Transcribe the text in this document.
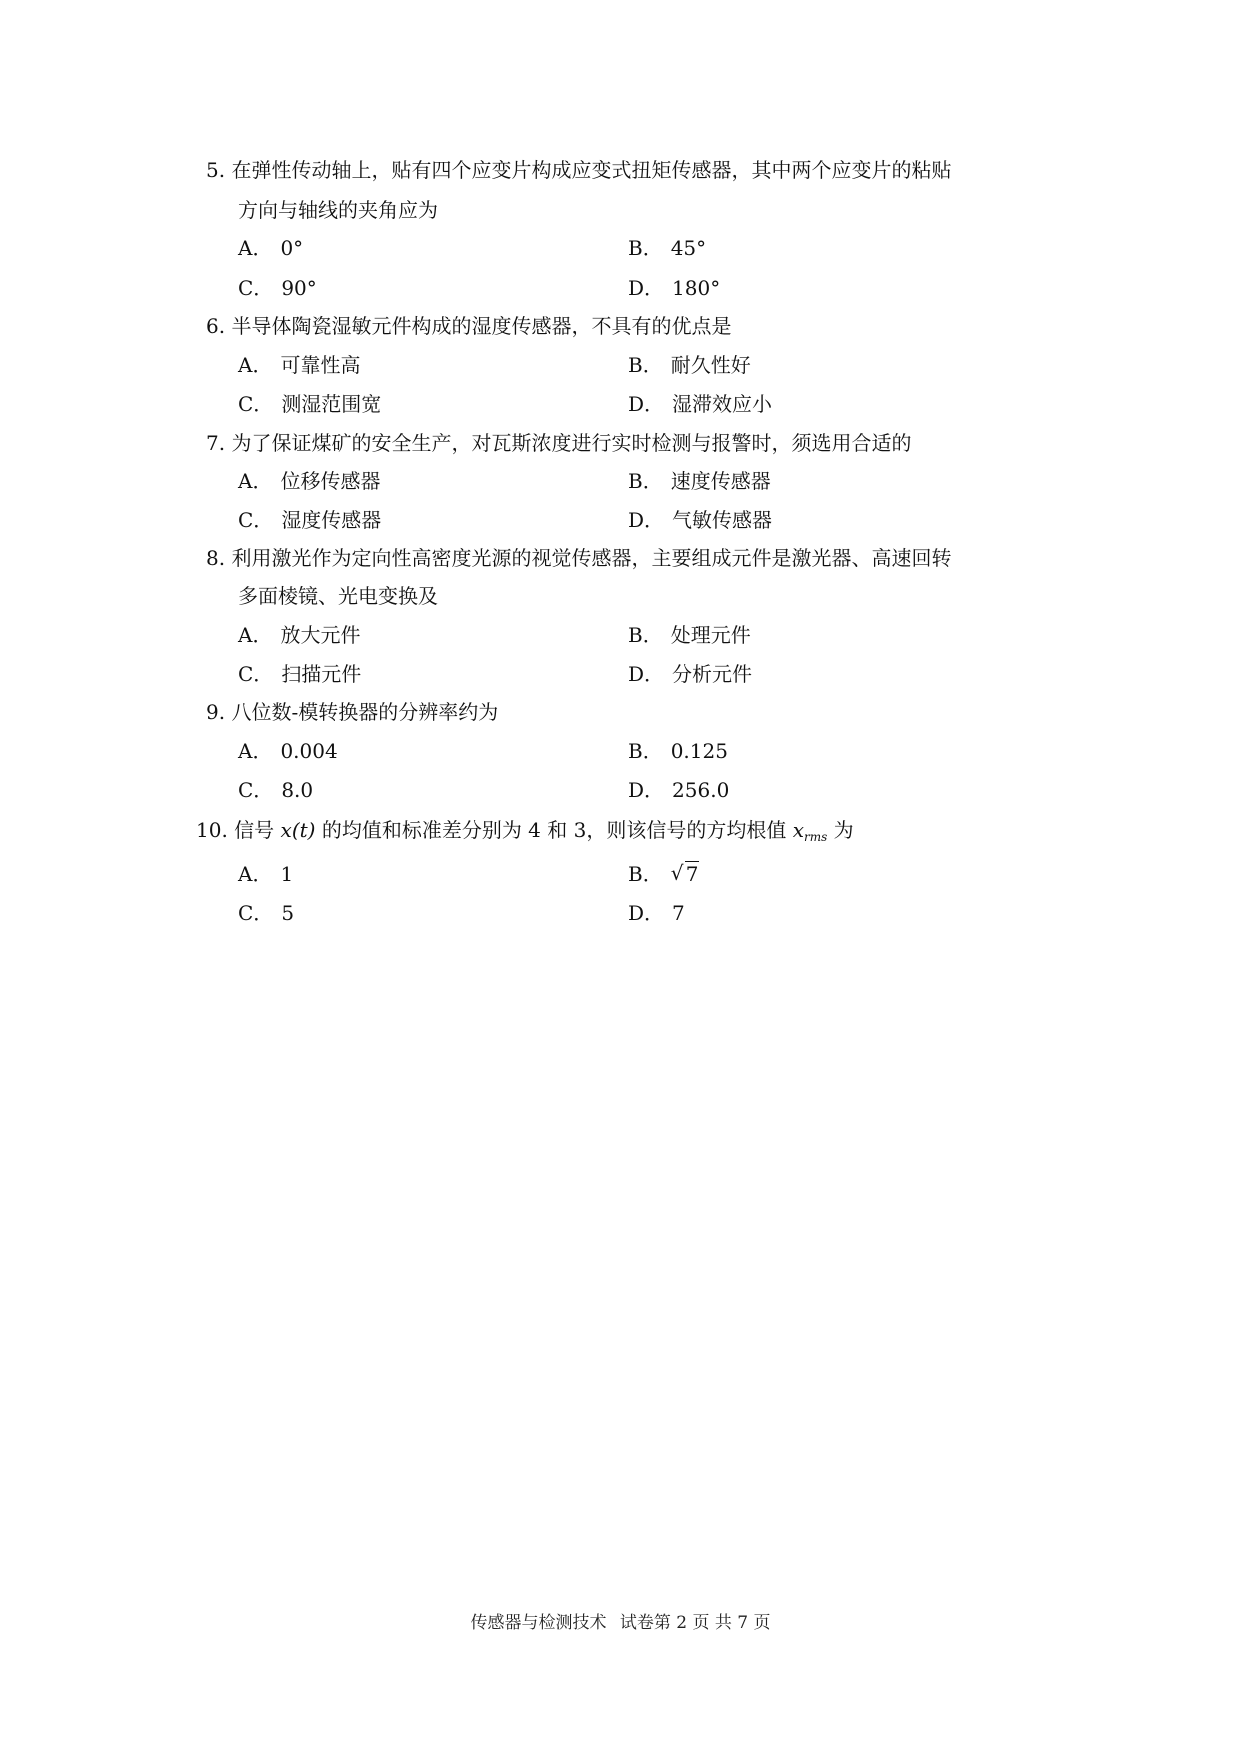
5. 在弹性传动轴上，贴有四个应变片构成应变式扭矩传感器，其中两个应变片的粘贴
方向与轴线的夹角应为
A． 0°	B． 45°
C． 90°	D． 180°
6. 半导体陶瓷湿敏元件构成的湿度传感器，不具有的优点是
A． 可靠性高	B． 耐久性好
C． 测湿范围宽	D． 湿滞效应小
7. 为了保证煤矿的安全生产，对瓦斯浓度进行实时检测与报警时，须选用合适的
A． 位移传感器	B． 速度传感器
C． 湿度传感器	D． 气敏传感器
8. 利用激光作为定向性高密度光源的视觉传感器，主要组成元件是激光器、高速回转
多面棱镜、光电变换及
A． 放大元件	B． 处理元件
C． 扫描元件	D． 分析元件
9. 八位数-模转换器的分辨率约为
A． 0.004	B． 0.125
C． 8.0	D． 256.0
10. 信号 x(t) 的均值和标准差分别为 4 和 3，则该信号的方均根值 $x_{rms}$ 为
A． 1	B．√ 7
C． 5	D． 7
传感器与检测技术 试卷第 2 页 共 7 页
